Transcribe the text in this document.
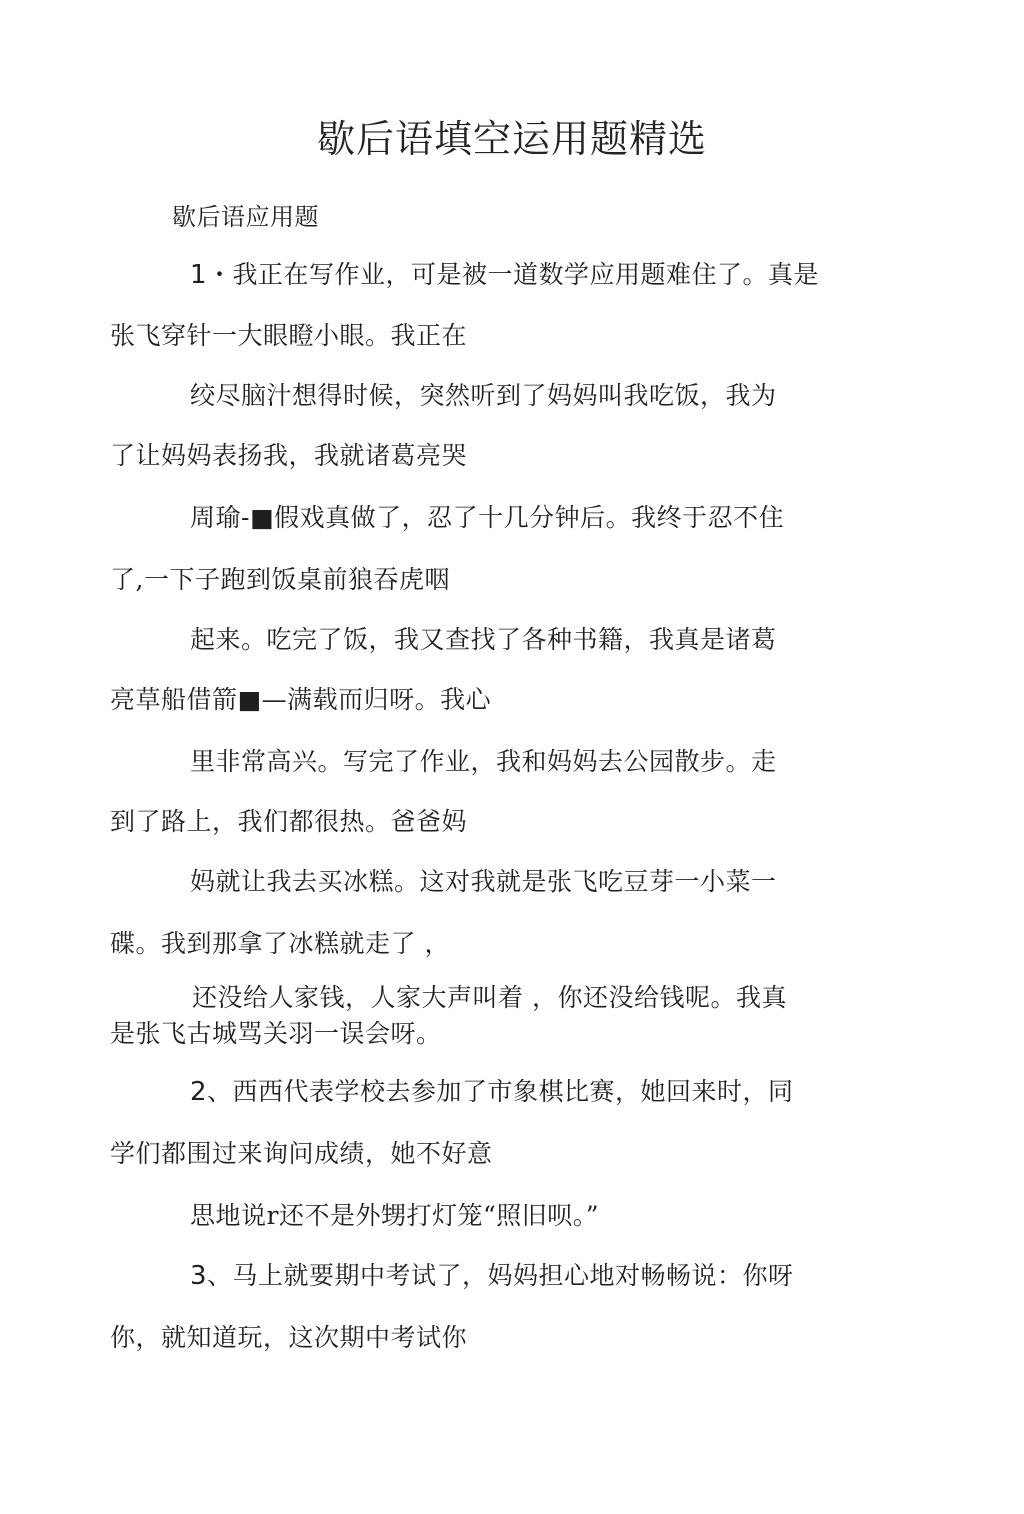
歇后语填空运用题精选
歇后语应用题
1・我正在写作业，可是被一道数学应用题难住了。真是
张飞穿针一大眼瞪小眼。我正在
绞尽脑汁想得时候，突然听到了妈妈叫我吃饭，我为
了让妈妈表扬我，我就诸葛亮哭
周瑜-■假戏真做了，忍了十几分钟后。我终于忍不住
了,一下子跑到饭桌前狼吞虎咽
起来。吃完了饭，我又查找了各种书籍，我真是诸葛
亮草船借箭■—满载而归呀。我心
里非常高兴。写完了作业，我和妈妈去公园散步。走
到了路上，我们都很热。爸爸妈
妈就让我去买冰糕。这对我就是张飞吃豆芽一小菜一
碟。我到那拿了冰糕就走了 ，
还没给人家钱，人家大声叫着 ，你还没给钱呢。我真
是张飞古城骂关羽一误会呀。
2、西西代表学校去参加了市象棋比赛，她回来时，同
学们都围过来询问成绩，她不好意
思地说r还不是外甥打灯笼“照旧呗。”
3、马上就要期中考试了，妈妈担心地对畅畅说：你呀
你，就知道玩，这次期中考试你
